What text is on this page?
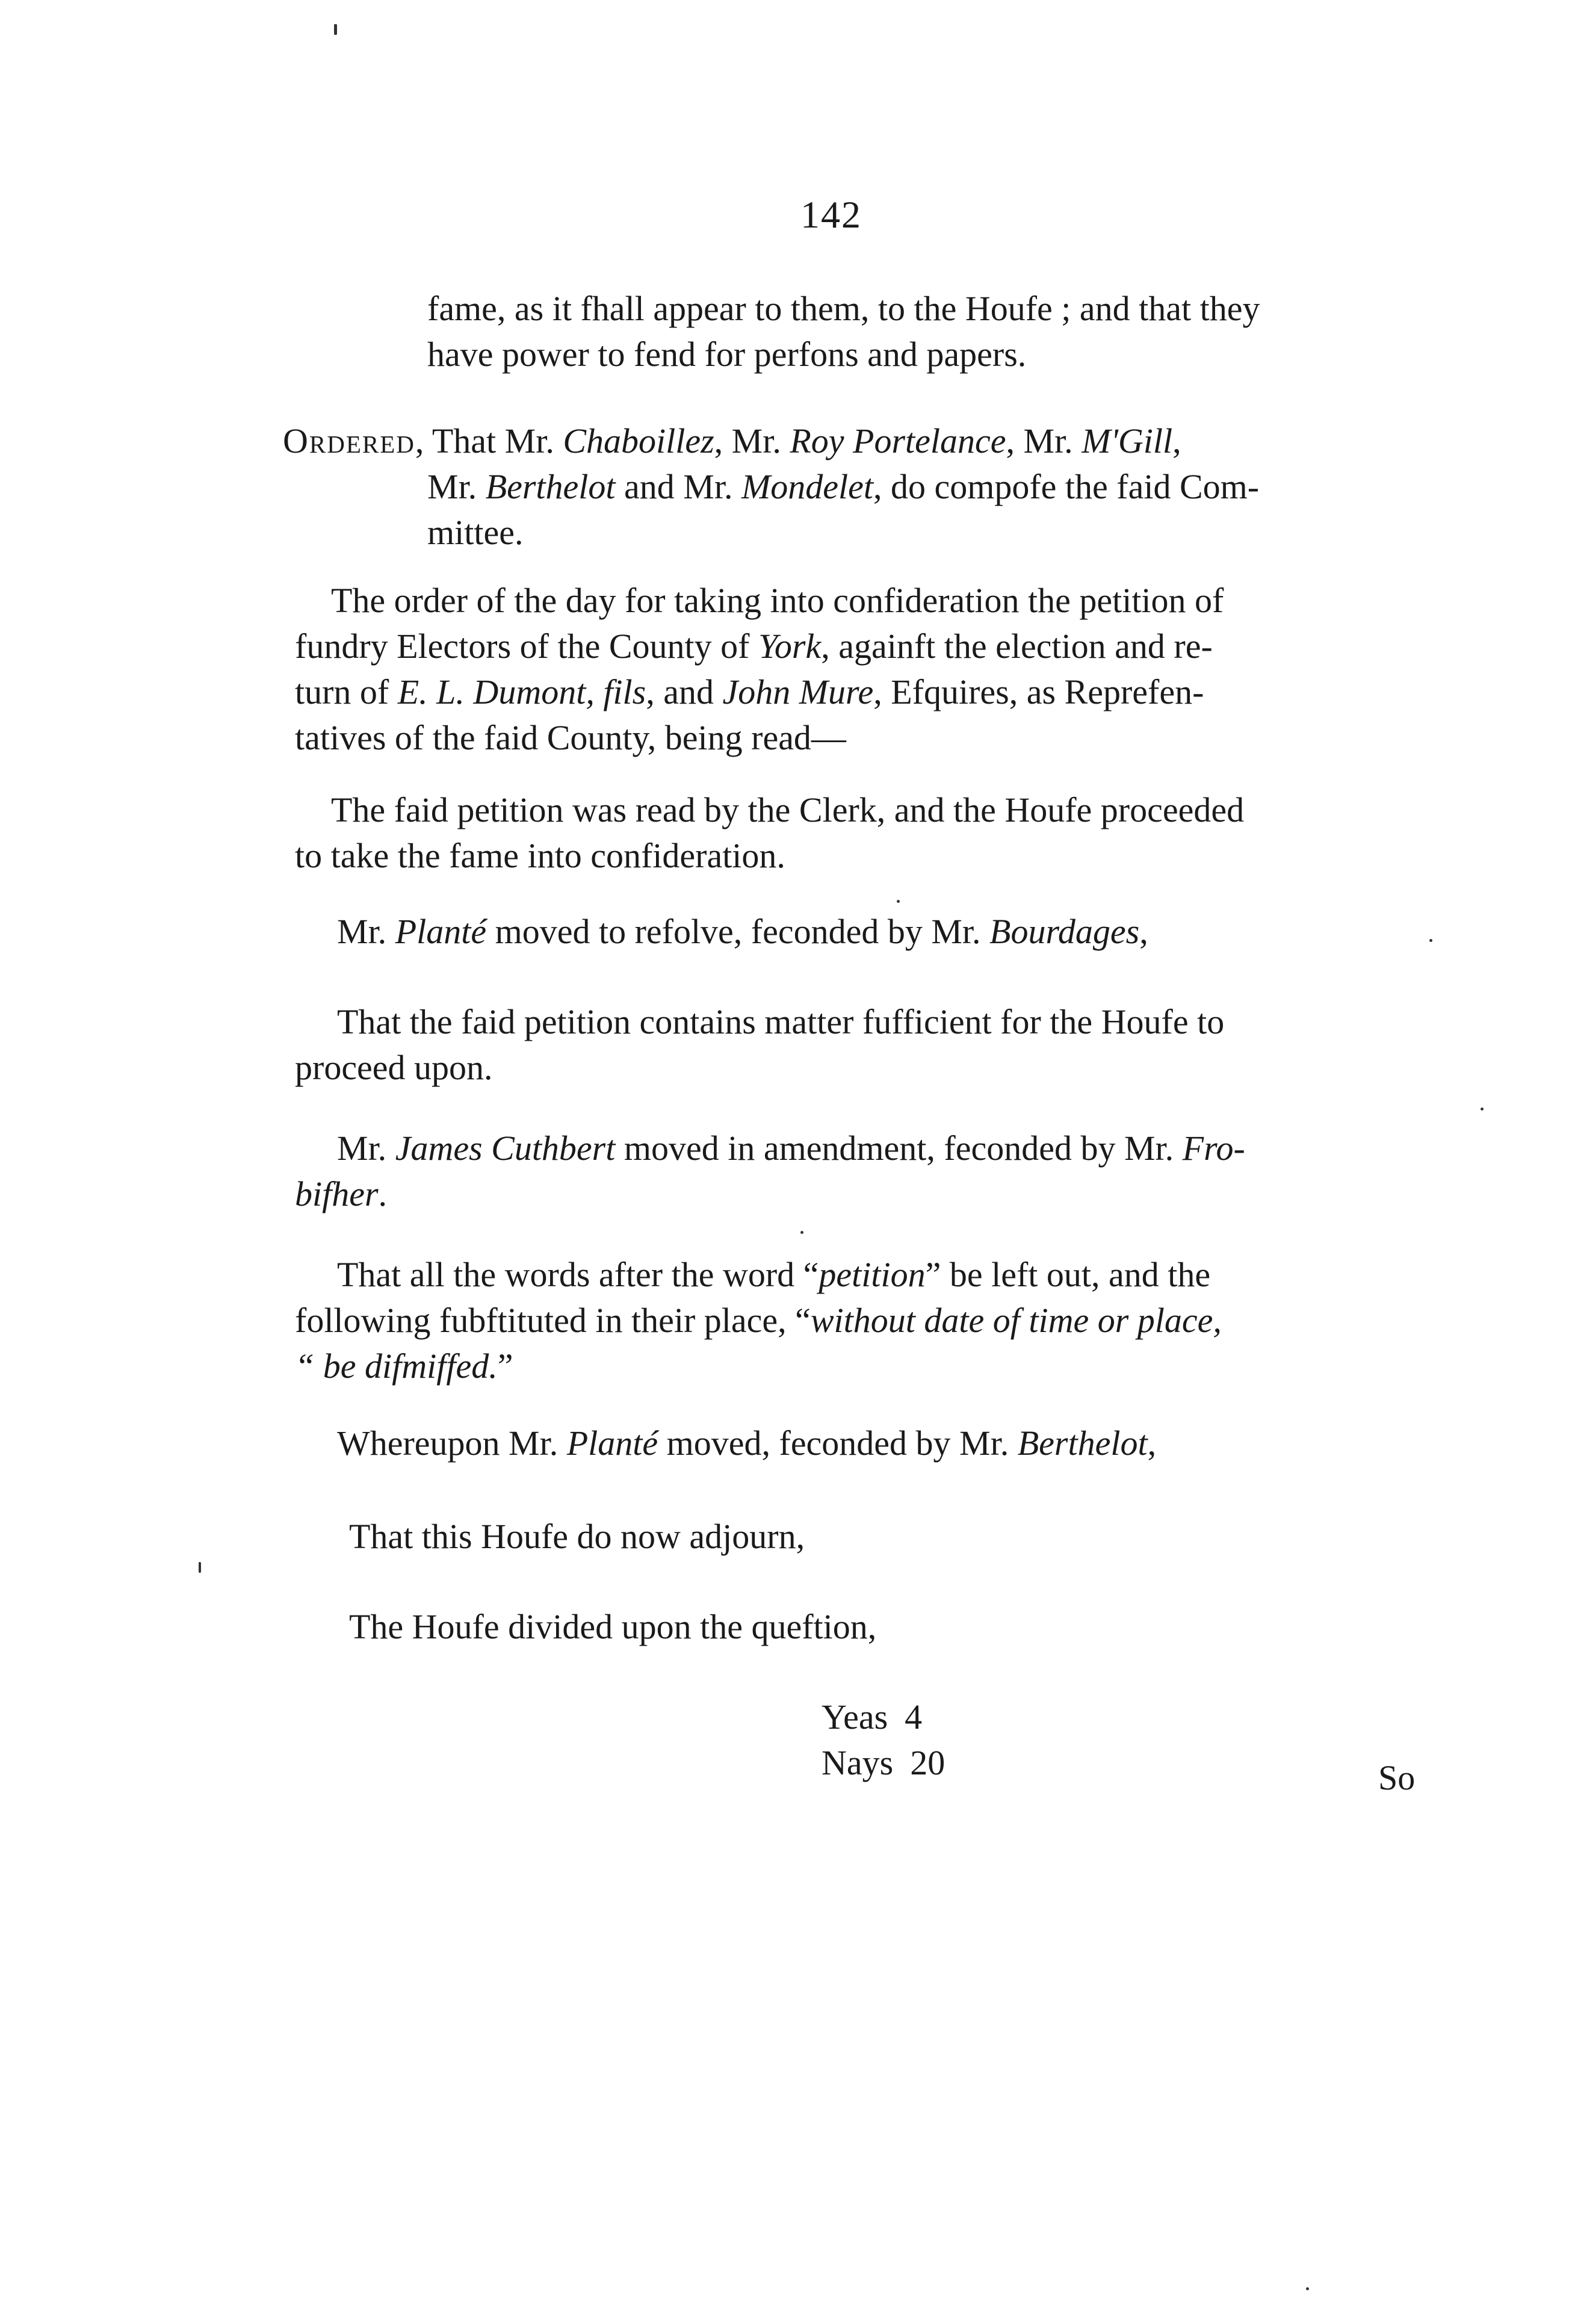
142
fame, as it fhall appear to them, to the Houfe ; and that they
have power to fend for perfons and papers.
Ordered, That Mr. Chaboillez, Mr. Roy Portelance, Mr. M'Gill,
Mr. Berthelot and Mr. Mondelet, do compofe the faid Com-
mittee.
The order of the day for taking into confideration the petition of
fundry Electors of the County of York, againft the election and re-
turn of E. L. Dumont, fils, and John Mure, Efquires, as Reprefen-
tatives of the faid County, being read—
The faid petition was read by the Clerk, and the Houfe proceeded
to take the fame into confideration.
Mr. Planté moved to refolve, feconded by Mr. Bourdages,
That the faid petition contains matter fufficient for the Houfe to
proceed upon.
Mr. James Cuthbert moved in amendment, feconded by Mr. Fro-
bifher.
That all the words after the word “petition” be left out, and the
following fubftituted in their place, “without date of time or place,
“ be difmiffed.”
Whereupon Mr. Planté moved, feconded by Mr. Berthelot,
That this Houfe do now adjourn,
The Houfe divided upon the queftion,
Yeas 4
Nays 20	So
